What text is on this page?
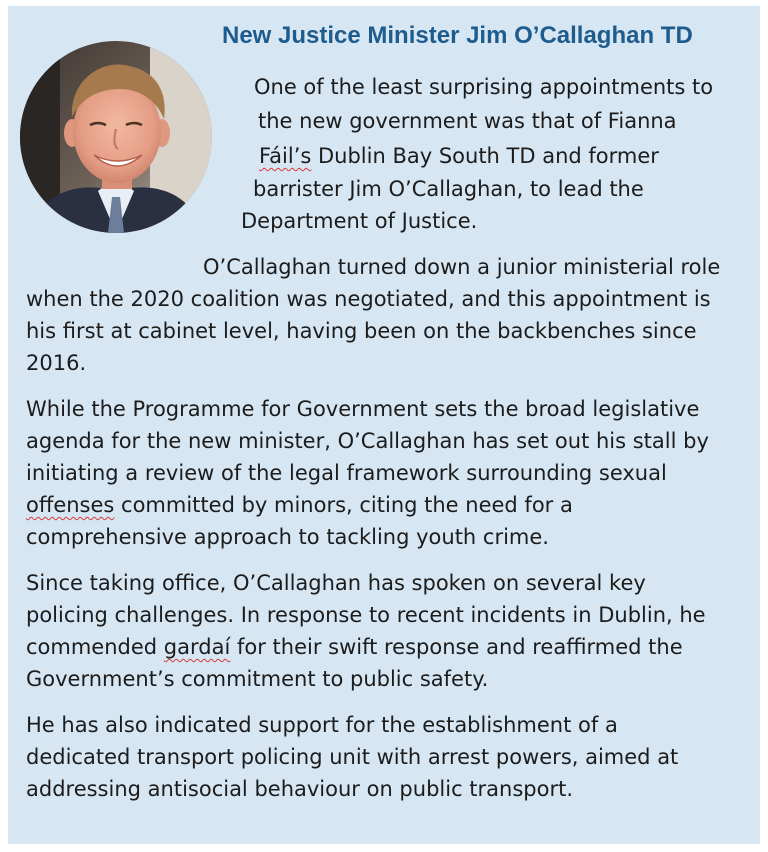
New Justice Minister Jim O’Callaghan TD
One of the least surprising appointments to
the new government was that of Fianna
Fáil’s Dublin Bay South TD and former
barrister Jim O’Callaghan, to lead the
Department of Justice.
O’Callaghan turned down a junior ministerial role
when the 2020 coalition was negotiated, and this appointment is
his first at cabinet level, having been on the backbenches since
2016.
While the Programme for Government sets the broad legislative
agenda for the new minister, O’Callaghan has set out his stall by
initiating a review of the legal framework surrounding sexual
offenses committed by minors, citing the need for a
comprehensive approach to tackling youth crime.
Since taking office, O’Callaghan has spoken on several key
policing challenges. In response to recent incidents in Dublin, he
commended gardaí for their swift response and reaffirmed the
Government’s commitment to public safety.
He has also indicated support for the establishment of a
dedicated transport policing unit with arrest powers, aimed at
addressing antisocial behaviour on public transport.
